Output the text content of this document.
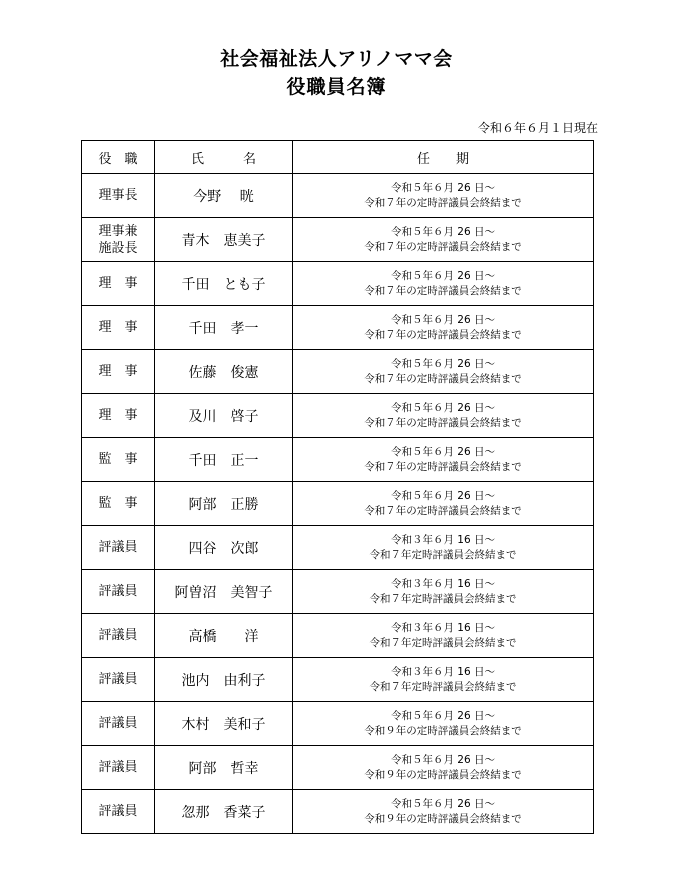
社会福祉法人アリノママ会
役職員名簿
令和６年６月１日現在
役　職	氏　　　名	任　　期

理事長	今野　 晄	令和５年６月 26 日～
令和７年の定時評議員会終結まで

理事兼
施設長	青木　恵美子	令和５年６月 26 日～
令和７年の定時評議員会終結まで

理　事	千田　とも子	令和５年６月 26 日～
令和７年の定時評議員会終結まで

理　事	千田　孝一	令和５年６月 26 日～
令和７年の定時評議員会終結まで

理　事	佐藤　俊憲	令和５年６月 26 日～
令和７年の定時評議員会終結まで

理　事	及川　啓子	令和５年６月 26 日～
令和７年の定時評議員会終結まで

監　事	千田　正一	令和５年６月 26 日～
令和７年の定時評議員会終結まで

監　事	阿部　正勝	令和５年６月 26 日～
令和７年の定時評議員会終結まで

評議員	四谷　次郎	令和３年６月 16 日～
令和７年定時評議員会終結まで

評議員	阿曽沼　美智子	令和３年６月 16 日～
令和７年定時評議員会終結まで

評議員	高橋　　洋	令和３年６月 16 日～
令和７年定時評議員会終結まで

評議員	池内　由利子	令和３年６月 16 日～
令和７年定時評議員会終結まで

評議員	木村　美和子	令和５年６月 26 日～
令和９年の定時評議員会終結まで

評議員	阿部　哲幸	令和５年６月 26 日～
令和９年の定時評議員会終結まで

評議員	忽那　香菜子	令和５年６月 26 日～
令和９年の定時評議員会終結まで
